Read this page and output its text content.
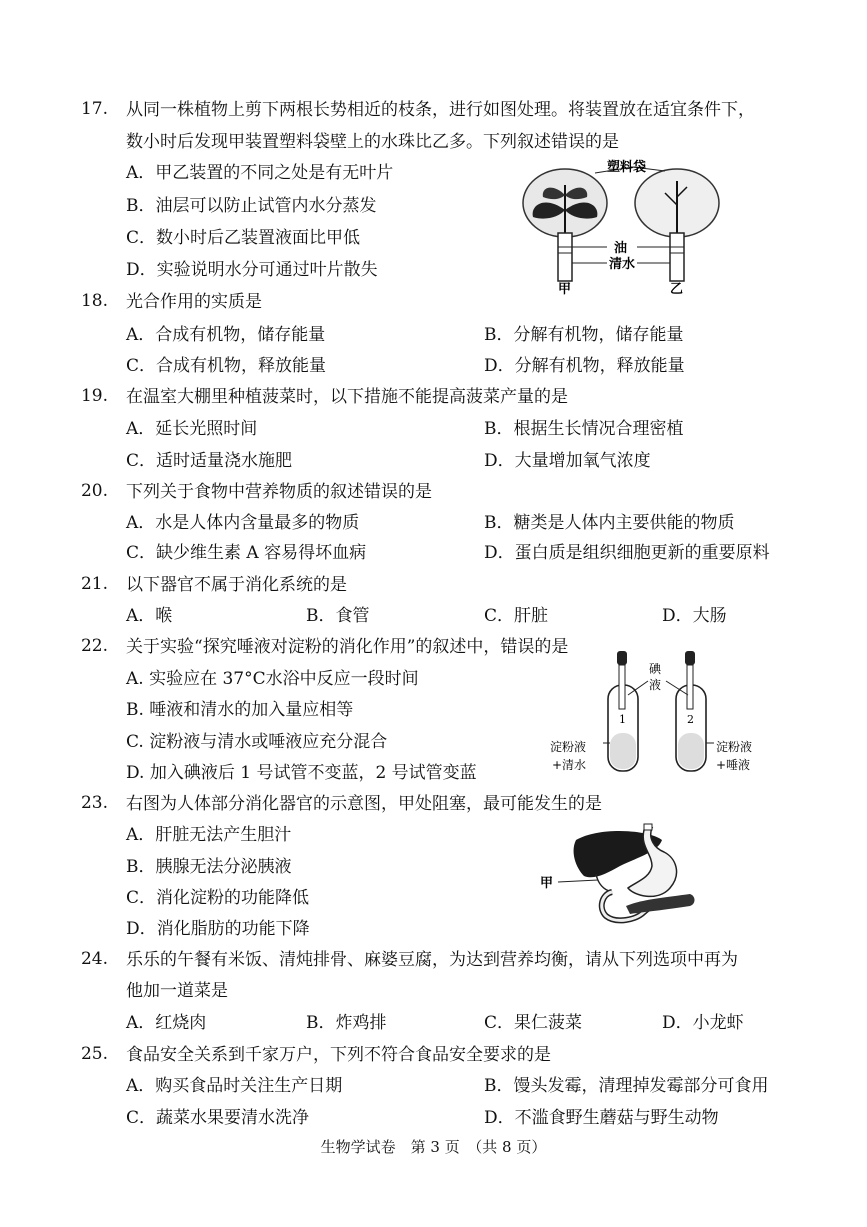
17. 从同一株植物上剪下两根长势相近的枝条，进行如图处理。将装置放在适宜条件下，
数小时后发现甲装置塑料袋壁上的水珠比乙多。下列叙述错误的是
A．甲乙装置的不同之处是有无叶片
B．油层可以防止试管内水分蒸发
C．数小时后乙装置液面比甲低
D．实验说明水分可通过叶片散失
塑料袋
油
清水
甲	乙
18. 光合作用的实质是
A．合成有机物，储存能量	B．分解有机物，储存能量
C．合成有机物，释放能量	D．分解有机物，释放能量
19. 在温室大棚里种植菠菜时，以下措施不能提高菠菜产量的是
A．延长光照时间	B．根据生长情况合理密植
C．适时适量浇水施肥	D．大量增加氧气浓度
20. 下列关于食物中营养物质的叙述错误的是
A．水是人体内含量最多的物质	B．糖类是人体内主要供能的物质
C．缺少维生素 A 容易得坏血病	D．蛋白质是组织细胞更新的重要原料
21. 以下器官不属于消化系统的是
A．喉	B．食管	C．肝脏	D．大肠
22. 关于实验“探究唾液对淀粉的消化作用”的叙述中，错误的是
A. 实验应在 37°C水浴中反应一段时间
B. 唾液和清水的加入量应相等
C. 淀粉液与清水或唾液应充分混合
D. 加入碘液后 1 号试管不变蓝，2 号试管变蓝
碘
液
1	2
淀粉液
+清水
淀粉液
+唾液
23. 右图为人体部分消化器官的示意图，甲处阻塞，最可能发生的是
A．肝脏无法产生胆汁
B．胰腺无法分泌胰液
C．消化淀粉的功能降低
D．消化脂肪的功能下降
甲
24. 乐乐的午餐有米饭、清炖排骨、麻婆豆腐，为达到营养均衡，请从下列选项中再为
他加一道菜是
A．红烧肉	B．炸鸡排	C．果仁菠菜	D．小龙虾
25. 食品安全关系到千家万户，下列不符合食品安全要求的是
A．购买食品时关注生产日期	B．馒头发霉，清理掉发霉部分可食用
C．蔬菜水果要清水洗净	D．不滥食野生蘑菇与野生动物
生物学试卷　第 3 页　（共 8 页）
